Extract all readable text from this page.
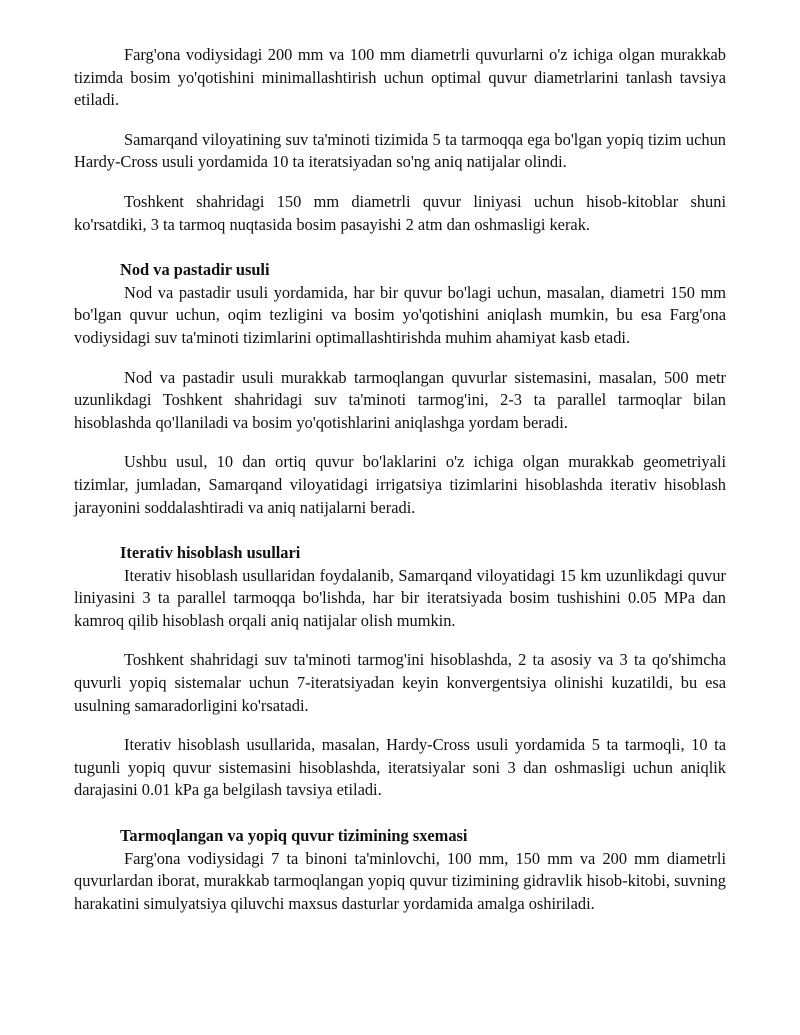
Farg'ona vodiysidagi 200 mm va 100 mm diametrli quvurlarni o'z ichiga olgan murakkab tizimda bosim yo'qotishini minimallashtirish uchun optimal quvur diametrlarini tanlash tavsiya etiladi.

Samarqand viloyatining suv ta'minoti tizimida 5 ta tarmoqqa ega bo'lgan yopiq tizim uchun Hardy-Cross usuli yordamida 10 ta iteratsiyadan so'ng aniq natijalar olindi.

Toshkent shahridagi 150 mm diametrli quvur liniyasi uchun hisob-kitoblar shuni ko'rsatdiki, 3 ta tarmoq nuqtasida bosim pasayishi 2 atm dan oshmasligi kerak.

Nod va pastadir usuli

Nod va pastadir usuli yordamida, har bir quvur bo'lagi uchun, masalan, diametri 150 mm bo'lgan quvur uchun, oqim tezligini va bosim yo'qotishini aniqlash mumkin, bu esa Farg'ona vodiysidagi suv ta'minoti tizimlarini optimallashtirishda muhim ahamiyat kasb etadi.

Nod va pastadir usuli murakkab tarmoqlangan quvurlar sistemasini, masalan, 500 metr uzunlikdagi Toshkent shahridagi suv ta'minoti tarmog'ini, 2-3 ta parallel tarmoqlar bilan hisoblashda qo'llaniladi va bosim yo'qotishlarini aniqlashga yordam beradi.

Ushbu usul, 10 dan ortiq quvur bo'laklarini o'z ichiga olgan murakkab geometriyali tizimlar, jumladan, Samarqand viloyatidagi irrigatsiya tizimlarini hisoblashda iterativ hisoblash jarayonini soddalashtiradi va aniq natijalarni beradi.

Iterativ hisoblash usullari

Iterativ hisoblash usullaridan foydalanib, Samarqand viloyatidagi 15 km uzunlikdagi quvur liniyasini 3 ta parallel tarmoqqa bo'lishda, har bir iteratsiyada bosim tushishini 0.05 MPa dan kamroq qilib hisoblash orqali aniq natijalar olish mumkin.

Toshkent shahridagi suv ta'minoti tarmog'ini hisoblashda, 2 ta asosiy va 3 ta qo'shimcha quvurli yopiq sistemalar uchun 7-iteratsiyadan keyin konvergentsiya olinishi kuzatildi, bu esa usulning samaradorligini ko'rsatadi.

Iterativ hisoblash usullarida, masalan, Hardy-Cross usuli yordamida 5 ta tarmoqli, 10 ta tugunli yopiq quvur sistemasini hisoblashda, iteratsiyalar soni 3 dan oshmasligi uchun aniqlik darajasini 0.01 kPa ga belgilash tavsiya etiladi.

Tarmoqlangan va yopiq quvur tizimining sxemasi

Farg'ona vodiysidagi 7 ta binoni ta'minlovchi, 100 mm, 150 mm va 200 mm diametrli quvurlardan iborat, murakkab tarmoqlangan yopiq quvur tizimining gidravlik hisob-kitobi, suvning harakatini simulyatsiya qiluvchi maxsus dasturlar yordamida amalga oshiriladi.
